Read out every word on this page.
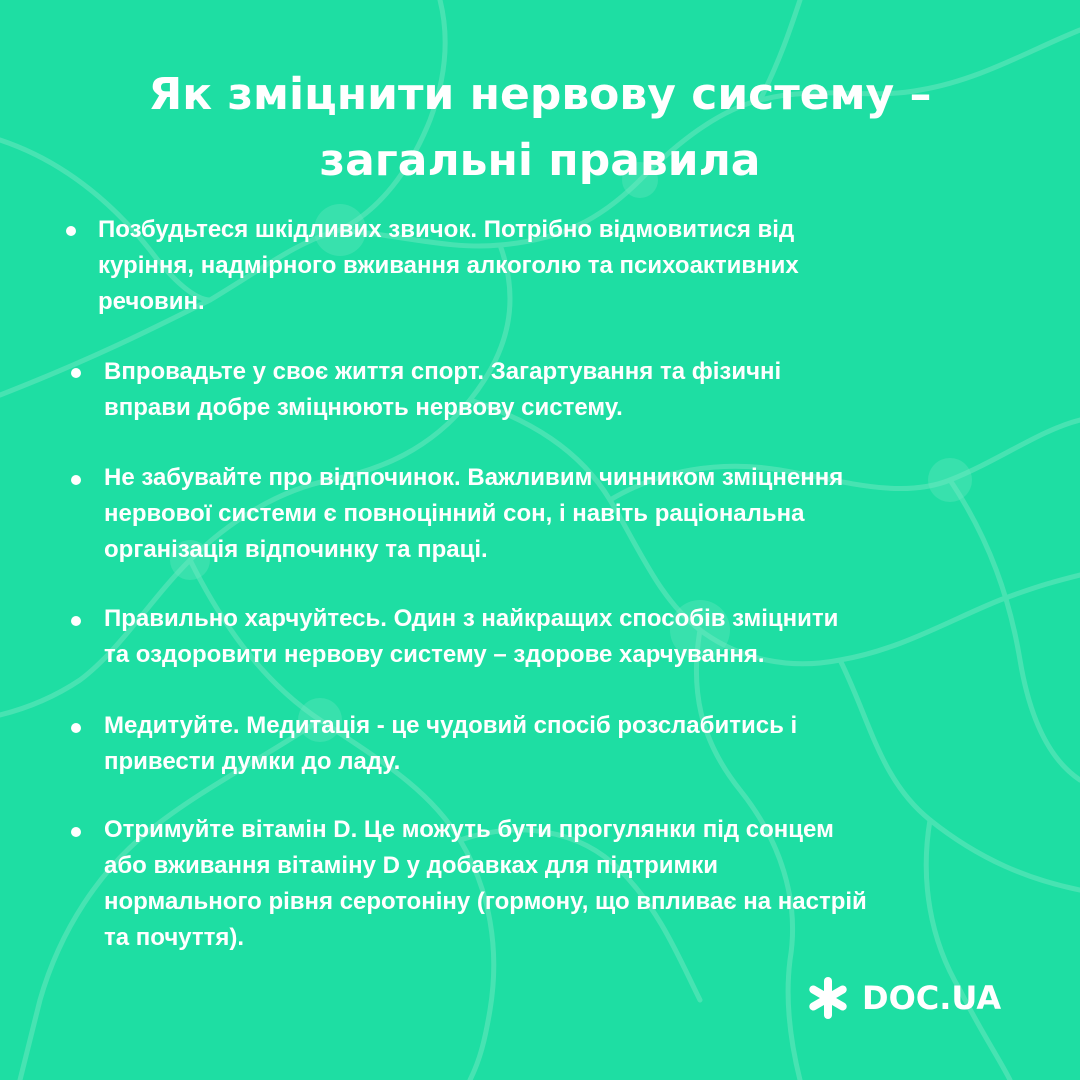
Як зміцнити нервову систему –
загальні правила
Позбудьтеся шкідливих звичок. Потрібно відмовитися від
куріння, надмірного вживання алкоголю та психоактивних
речовин.
Впровадьте у своє життя спорт. Загартування та фізичні
вправи добре зміцнюють нервову систему.
Не забувайте про відпочинок. Важливим чинником зміцнення
нервової системи є повноцінний сон, і навіть раціональна
організація відпочинку та праці.
Правильно харчуйтесь. Один з найкращих способів зміцнити
та оздоровити нервову систему – здорове харчування.
Медитуйте. Медитація - це чудовий спосіб розслабитись і
привести думки до ладу.
Отримуйте вітамін D. Це можуть бути прогулянки під сонцем
або вживання вітаміну D у добавках для підтримки
нормального рівня серотоніну (гормону, що впливає на настрій
та почуття).
DOC.UA
